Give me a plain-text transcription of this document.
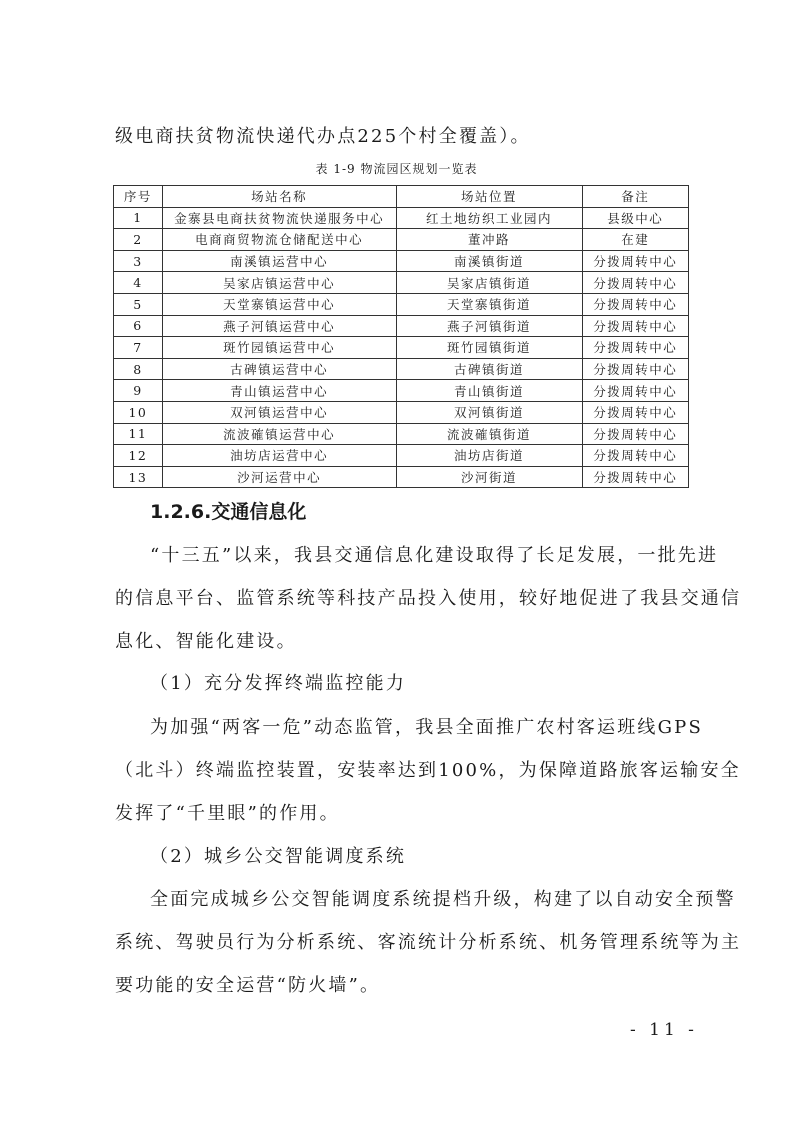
级电商扶贫物流快递代办点225个村全覆盖）。
表 1-9 物流园区规划一览表
序号	场站名称	场站位置	备注
1	金寨县电商扶贫物流快递服务中心	红土地纺织工业园内	县级中心
2	电商商贸物流仓储配送中心	董冲路	在建
3	南溪镇运营中心	南溪镇街道	分拨周转中心
4	吴家店镇运营中心	吴家店镇街道	分拨周转中心
5	天堂寨镇运营中心	天堂寨镇街道	分拨周转中心
6	燕子河镇运营中心	燕子河镇街道	分拨周转中心
7	斑竹园镇运营中心	斑竹园镇街道	分拨周转中心
8	古碑镇运营中心	古碑镇街道	分拨周转中心
9	青山镇运营中心	青山镇街道	分拨周转中心
10	双河镇运营中心	双河镇街道	分拨周转中心
11	流波確镇运营中心	流波確镇街道	分拨周转中心
12	油坊店运营中心	油坊店街道	分拨周转中心
13	沙河运营中心	沙河街道	分拨周转中心
1.2.6.交通信息化
“十三五”以来，我县交通信息化建设取得了长足发展，一批先进
的信息平台、监管系统等科技产品投入使用，较好地促进了我县交通信
息化、智能化建设。
（1）充分发挥终端监控能力
为加强“两客一危”动态监管，我县全面推广农村客运班线GPS
（北斗）终端监控装置，安装率达到100%，为保障道路旅客运输安全
发挥了“千里眼”的作用。
（2）城乡公交智能调度系统
全面完成城乡公交智能调度系统提档升级，构建了以自动安全预警
系统、驾驶员行为分析系统、客流统计分析系统、机务管理系统等为主
要功能的安全运营“防火墙”。
- 11 -
